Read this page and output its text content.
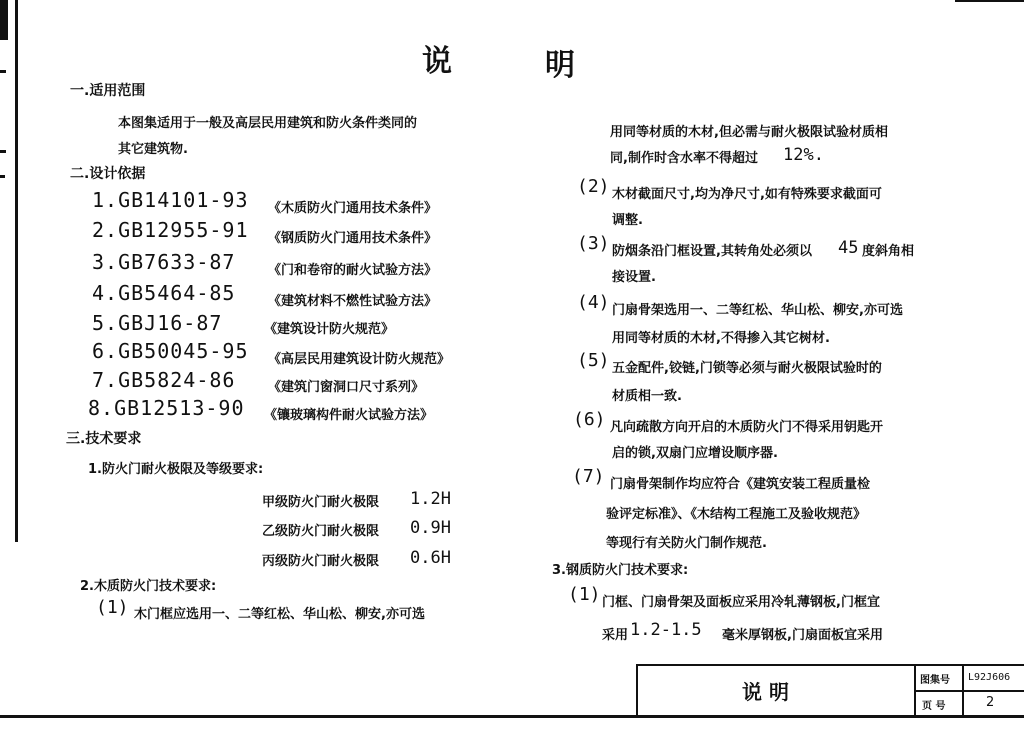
说	明
一.适用范围
本图集适用于一般及高层民用建筑和防火条件类同的
其它建筑物.
二.设计依据
1.GB14101-93 《木质防火门通用技术条件》
2.GB12955-91 《钢质防火门通用技术条件》
3.GB7633-87	《门和卷帘的耐火试验方法》
4.GB5464-85	《建筑材料不燃性试验方法》
5.GBJ16-87	《建筑设计防火规范》
6.GB50045-95 《高层民用建筑设计防火规范》
7.GB5824-86	《建筑门窗洞口尺寸系列》
8.GB12513-90 《镶玻璃构件耐火试验方法》
三.技术要求
1.防火门耐火极限及等级要求:
甲级防火门耐火极限 1.2H
乙级防火门耐火极限 0.9H
丙级防火门耐火极限 0.6H
2.木质防火门技术要求:
(1) 木门框应选用一、二等红松、华山松、柳安,亦可选
用同等材质的木材,但必需与耐火极限试验材质相
同,制作时含水率不得超过 12%.
(2) 木材截面尺寸,均为净尺寸,如有特殊要求截面可
调整.
(3) 防烟条沿门框设置,其转角处必须以 45 度斜角相
接设置.
(4) 门扇骨架选用一、二等红松、华山松、柳安,亦可选
用同等材质的木材,不得掺入其它树材.
(5) 五金配件,铰链,门锁等必须与耐火极限试验时的
材质相一致.
(6) 凡向疏散方向开启的木质防火门不得采用钥匙开
启的锁,双扇门应增设顺序器.
(7) 门扇骨架制作均应符合《建筑安装工程质量检
验评定标准》、《木结构工程施工及验收规范》
等现行有关防火门制作规范.
3.钢质防火门技术要求:
(1) 门框、门扇骨架及面板应采用冷轧薄钢板,门框宜
采用 1.2-1.5 毫米厚钢板,门扇面板宜采用
说 明	图集号 L92J606
页 号	2
